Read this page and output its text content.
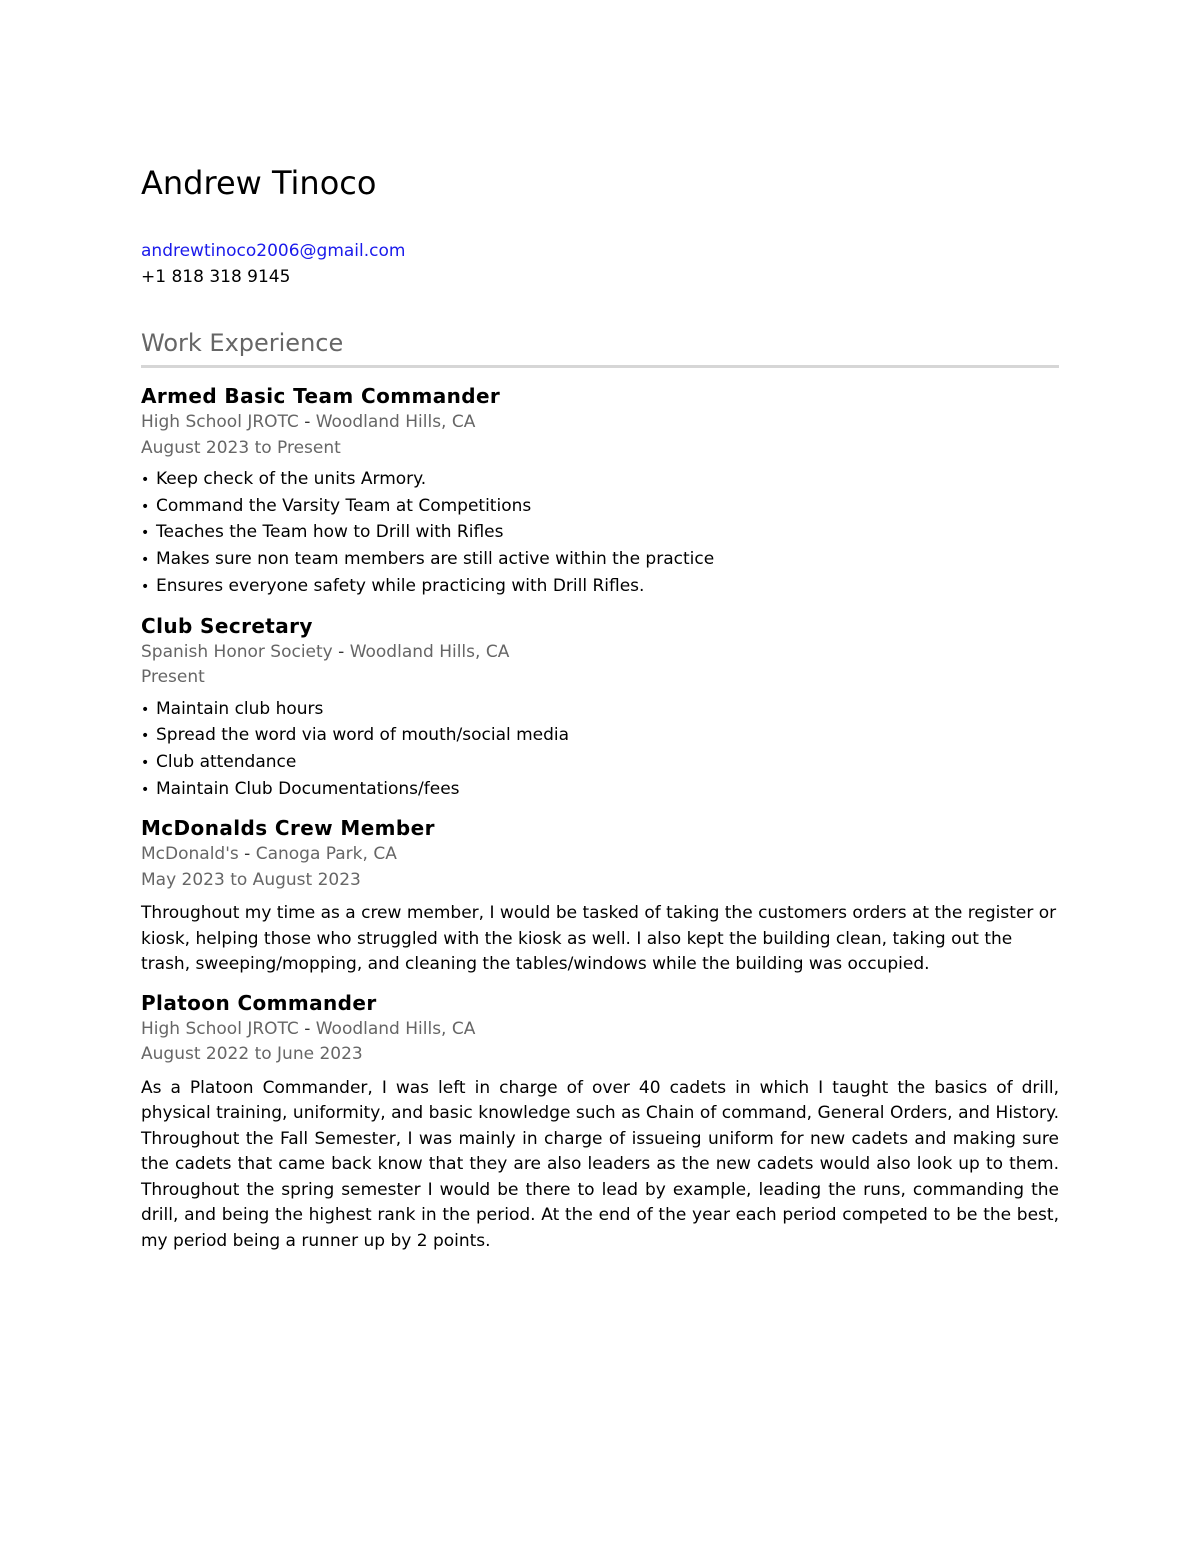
Andrew Tinoco
andrewtinoco2006@gmail.com
+1 818 318 9145
Work Experience
Armed Basic Team Commander
High School JROTC - Woodland Hills, CA
August 2023 to Present
• Keep check of the units Armory.
• Command the Varsity Team at Competitions
• Teaches the Team how to Drill with Rifles
• Makes sure non team members are still active within the practice
• Ensures everyone safety while practicing with Drill Rifles.
Club Secretary
Spanish Honor Society - Woodland Hills, CA
Present
• Maintain club hours
• Spread the word via word of mouth/social media
• Club attendance
• Maintain Club Documentations/fees
McDonalds Crew Member
McDonald's - Canoga Park, CA
May 2023 to August 2023

Throughout my time as a crew member, I would be tasked of taking the customers orders at the register or kiosk, helping those who struggled with the kiosk as well. I also kept the building clean, taking out the trash, sweeping/mopping, and cleaning the tables/windows while the building was occupied.

Platoon Commander
High School JROTC - Woodland Hills, CA
August 2022 to June 2023

As a Platoon Commander, I was left in charge of over 40 cadets in which I taught the basics of drill, physical training, uniformity, and basic knowledge such as Chain of command, General Orders, and History. Throughout the Fall Semester, I was mainly in charge of issueing uniform for new cadets and making sure the cadets that came back know that they are also leaders as the new cadets would also look up to them. Throughout the spring semester I would be there to lead by example, leading the runs, commanding the drill, and being the highest rank in the period. At the end of the year each period competed to be the best, my period being a runner up by 2 points.
